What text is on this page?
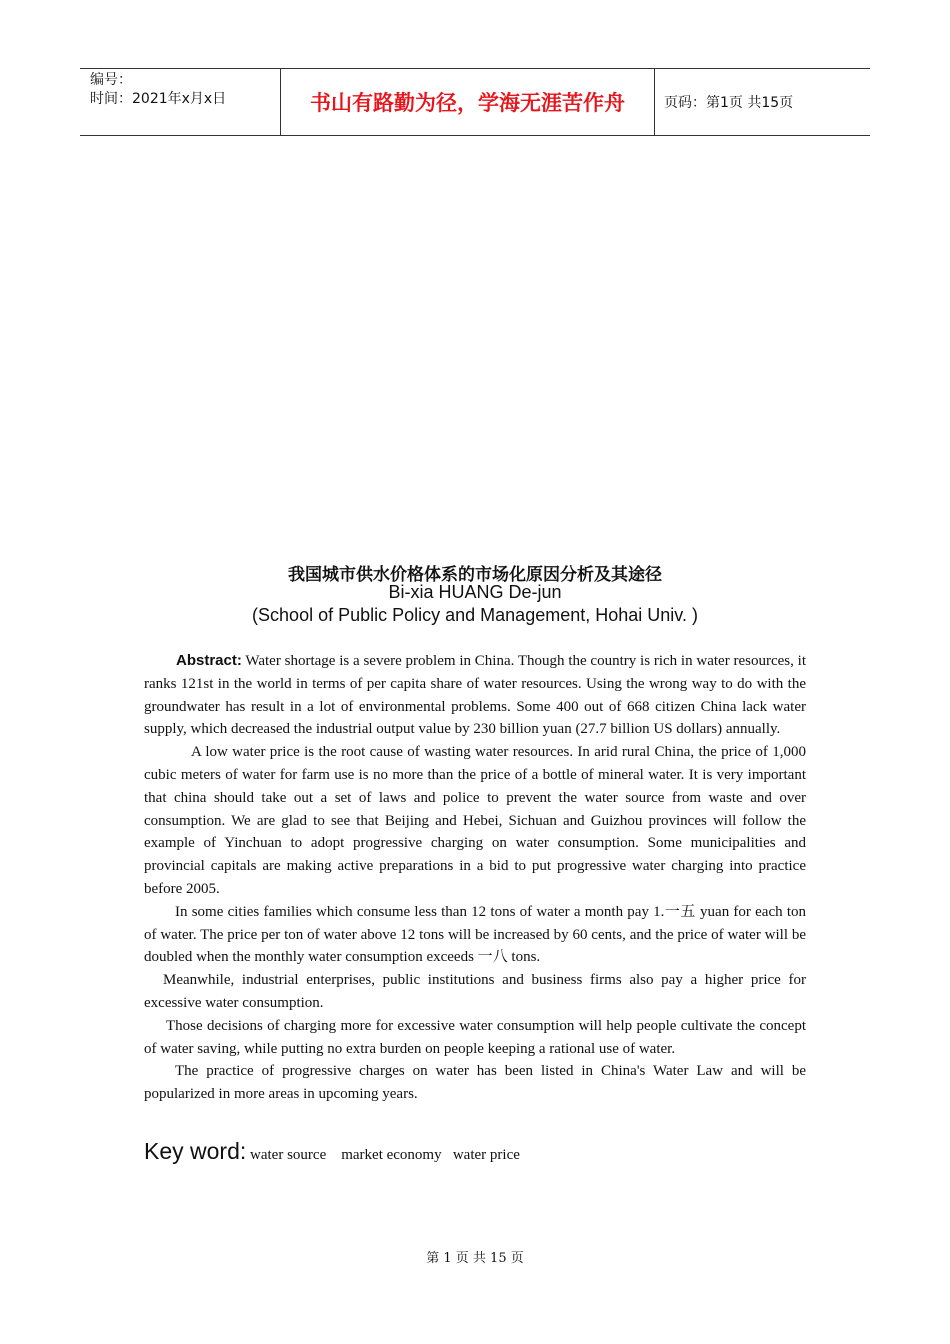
编号：
时间：2021年x月x日	书山有路勤为径，学海无涯苦作舟	页码：第1页 共15页
我国城市供水价格体系的市场化原因分析及其途径
Bi-xia HUANG De-jun
(School of Public Policy and Management, Hohai Univ. )

Abstract: Water shortage is a severe problem in China. Though the country is rich in water resources, it ranks 121st in the world in terms of per capita share of water resources. Using the wrong way to do with the groundwater has result in a lot of environmental problems. Some 400 out of 668 citizen China lack water supply, which decreased the industrial output value by 230 billion yuan (27.7 billion US dollars) annually.

A low water price is the root cause of wasting water resources. In arid rural China, the price of 1,000 cubic meters of water for farm use is no more than the price of a bottle of mineral water. It is very important that china should take out a set of laws and police to prevent the water source from waste and over consumption. We are glad to see that Beijing and Hebei, Sichuan and Guizhou provinces will follow the example of Yinchuan to adopt progressive charging on water consumption. Some municipalities and provincial capitals are making active preparations in a bid to put progressive water charging into practice before 2005.

In some cities families which consume less than 12 tons of water a month pay 1.一五 yuan for each ton of water. The price per ton of water above 12 tons will be increased by 60 cents, and the price of water will be doubled when the monthly water consumption exceeds 一八 tons.

Meanwhile, industrial enterprises, public institutions and business firms also pay a higher price for excessive water consumption.

Those decisions of charging more for excessive water consumption will help people cultivate the concept of water saving, while putting no extra burden on people keeping a rational use of water.

The practice of progressive charges on water has been listed in China's Water Law and will be popularized in more areas in upcoming years.

Key word: water source    market economy   water price
第 1 页 共 15 页
